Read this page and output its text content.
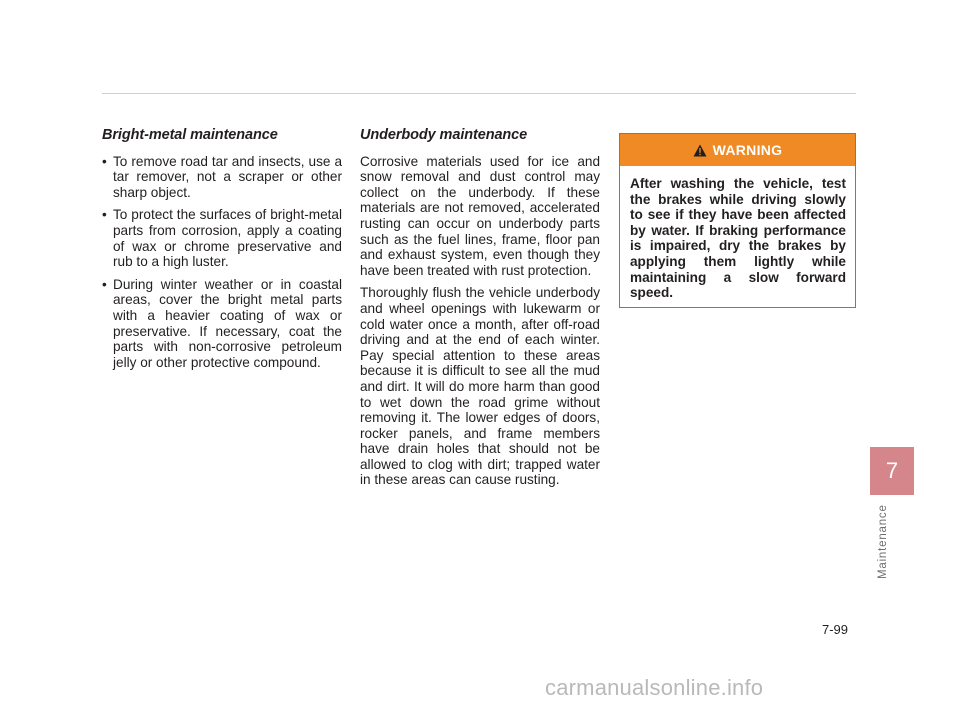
Bright-metal maintenance
• To remove road tar and insects, use a tar remover, not a scraper or other sharp object.
• To protect the surfaces of bright-metal parts from corrosion, apply a coating of wax or chrome preservative and rub to a high luster.
• During winter weather or in coastal areas, cover the bright metal parts with a heavier coating of wax or preservative. If necessary, coat the parts with non-corrosive petroleum jelly or other protective compound.
Underbody maintenance

Corrosive materials used for ice and snow removal and dust control may collect on the underbody. If these materials are not removed, accelerated rusting can occur on underbody parts such as the fuel lines, frame, floor pan and exhaust system, even though they have been treated with rust protection.

Thoroughly flush the vehicle underbody and wheel openings with lukewarm or cold water once a month, after off-road driving and at the end of each winter. Pay special attention to these areas because it is difficult to see all the mud and dirt. It will do more harm than good to wet down the road grime without removing it. The lower edges of doors, rocker panels, and frame members have drain holes that should not be allowed to clog with dirt; trapped water in these areas can cause rusting.

WARNING
After washing the vehicle, test the brakes while driving slowly to see if they have been affected by water. If braking performance is impaired, dry the brakes by applying them lightly while maintaining a slow forward speed.
7
Maintenance
7-99
carmanualsonline.info
